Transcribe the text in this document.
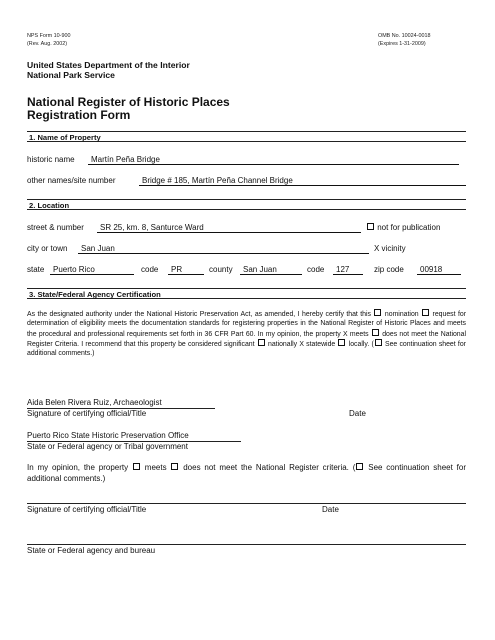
NPS Form 10-900
(Rev. Aug. 2002)
OMB No. 10024-0018
(Expires 1-31-2009)
United States Department of the Interior
National Park Service
National Register of Historic Places
Registration Form
1. Name of Property
historic name	Martín Peña Bridge
other names/site number	Bridge # 185, Martín Peña Channel Bridge
2. Location
street & number	SR 25, km. 8, Santurce Ward	not for publication
city or town	San Juan	X vicinity
state	Puerto Rico	code	PR	county	San Juan	code	127	zip code	00918
3. State/Federal Agency Certification
As the designated authority under the National Historic Preservation Act, as amended, I hereby certify that this nomination request for determination of eligibility meets the documentation standards for registering properties in the National Register of Historic Places and meets the procedural and professional requirements set forth in 36 CFR Part 60. In my opinion, the property X meets does not meet the National Register Criteria. I recommend that this property be considered significant nationally X statewide locally. ( See continuation sheet for additional comments.)
Aida Belen Rivera Ruiz, Archaeologist
Signature of certifying official/Title	Date
Puerto Rico State Historic Preservation Office
State or Federal agency or Tribal government
In my opinion, the property meets does not meet the National Register criteria. ( See continuation sheet for additional comments.)
Signature of certifying official/Title	Date
State or Federal agency and bureau
